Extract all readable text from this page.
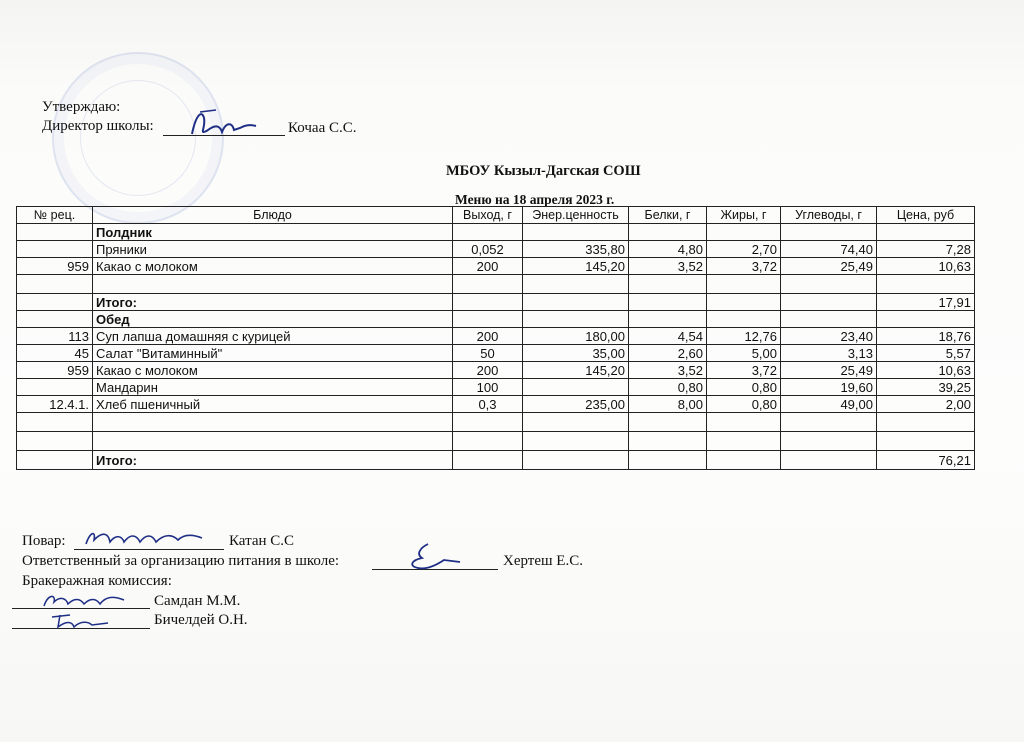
Утверждаю:
Директор школы:	Кочаа С.С.
МБОУ Кызыл-Дагская СОШ
Меню на 18 апреля 2023 г.
№ рец.	Блюдо	Выход, г	Энер.ценность	Белки, г	Жиры, г	Углеводы, г	Цена, руб
	Полдник						
	Пряники	0,052	335,80	4,80	2,70	74,40	7,28
959	Какао с молоком	200	145,20	3,52	3,72	25,49	10,63

	Итого:						17,91
	Обед						
113	Суп лапша домашняя с курицей	200	180,00	4,54	12,76	23,40	18,76
45	Салат "Витаминный"	50	35,00	2,60	5,00	3,13	5,57
959	Какао с молоком	200	145,20	3,52	3,72	25,49	10,63
	Мандарин	100		0,80	0,80	19,60	39,25
12.4.1.	Хлеб пшеничный	0,3	235,00	8,00	0,80	49,00	2,00

	Итого:						76,21
Повар:	Катан С.С
Ответственный за организацию питания в школе:	Хертеш Е.С.
Бракеражная комиссия:
Самдан М.М.
Бичелдей О.Н.
